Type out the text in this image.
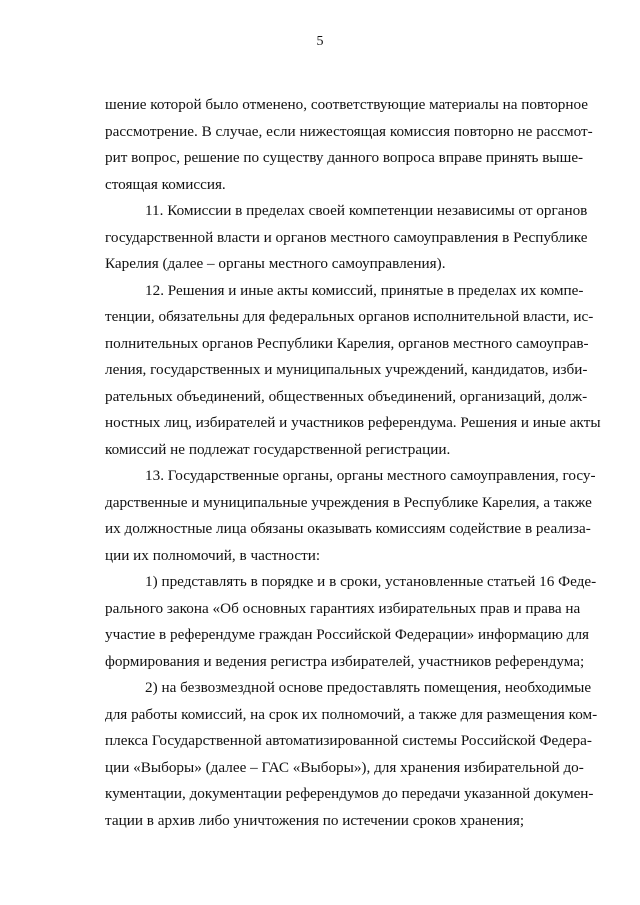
5
шение которой было отменено, соответствующие материалы на повторное
рассмотрение. В случае, если нижестоящая комиссия повторно не рассмот-
рит вопрос, решение по существу данного вопроса вправе принять выше-
стоящая комиссия.
11. Комиссии в пределах своей компетенции независимы от органов
государственной власти и органов местного самоуправления в Республике
Карелия (далее – органы местного самоуправления).
12. Решения и иные акты комиссий, принятые в пределах их компе-
тенции, обязательны для федеральных органов исполнительной власти, ис-
полнительных органов Республики Карелия, органов местного самоуправ-
ления, государственных и муниципальных учреждений, кандидатов, изби-
рательных объединений, общественных объединений, организаций, долж-
ностных лиц, избирателей и участников референдума. Решения и иные акты
комиссий не подлежат государственной регистрации.
13. Государственные органы, органы местного самоуправления, госу-
дарственные и муниципальные учреждения в Республике Карелия, а также
их должностные лица обязаны оказывать комиссиям содействие в реализа-
ции их полномочий, в частности:
1) представлять в порядке и в сроки, установленные статьей 16 Феде-
рального закона «Об основных гарантиях избирательных прав и права на
участие в референдуме граждан Российской Федерации» информацию для
формирования и ведения регистра избирателей, участников референдума;
2) на безвозмездной основе предоставлять помещения, необходимые
для работы комиссий, на срок их полномочий, а также для размещения ком-
плекса Государственной автоматизированной системы Российской Федера-
ции «Выборы» (далее – ГАС «Выборы»), для хранения избирательной до-
кументации, документации референдумов до передачи указанной докумен-
тации в архив либо уничтожения по истечении сроков хранения;
